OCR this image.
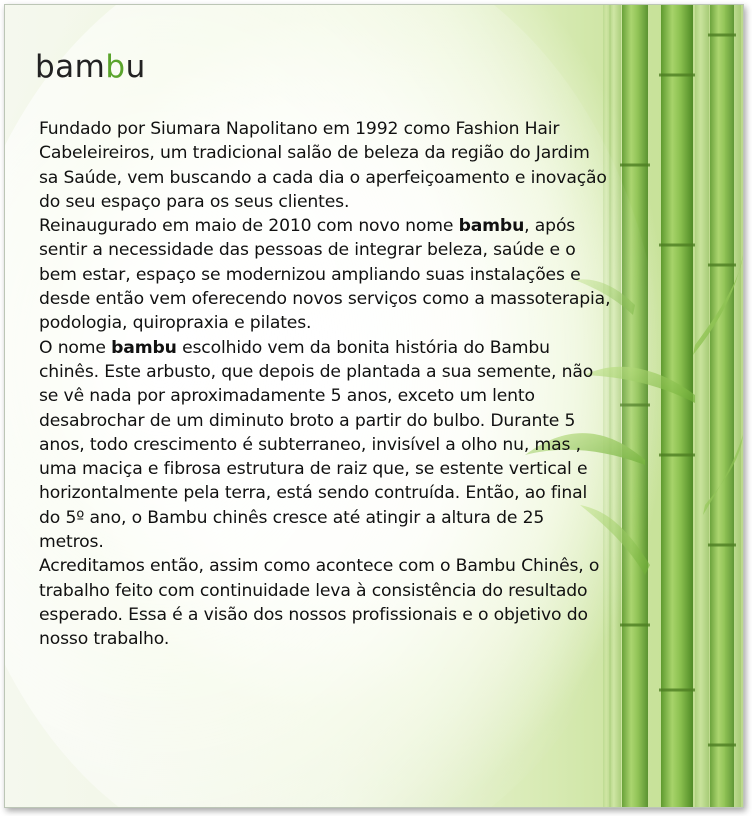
bambu

Fundado por Siumara Napolitano em 1992 como Fashion Hair Cabeleireiros, um tradicional salão de beleza da região do Jardim sa Saúde, vem buscando a cada dia o aperfeiçoamento e inovação do seu espaço para os seus clientes.

Reinaugurado em maio de 2010 com novo nome bambu, após sentir a necessidade das pessoas de integrar beleza, saúde e o bem estar, espaço se modernizou ampliando suas instalações e desde então vem oferecendo novos serviços como a massoterapia, podologia, quiropraxia e pilates.

O nome bambu escolhido vem da bonita história do Bambu chinês. Este arbusto, que depois de plantada a sua semente, não se vê nada por aproximadamente 5 anos, exceto um lento desabrochar de um diminuto broto a partir do bulbo. Durante 5 anos, todo crescimento é subterraneo, invisível a olho nu, mas , uma maciça e fibrosa estrutura de raiz que, se estente vertical e horizontalmente pela terra, está sendo contruída. Então, ao final do 5º ano, o Bambu chinês cresce até atingir a altura de 25 metros.

Acreditamos então, assim como acontece com o Bambu Chinês, o trabalho feito com continuidade leva à consistência do resultado esperado. Essa é a visão dos nossos profissionais e o objetivo do nosso trabalho.
